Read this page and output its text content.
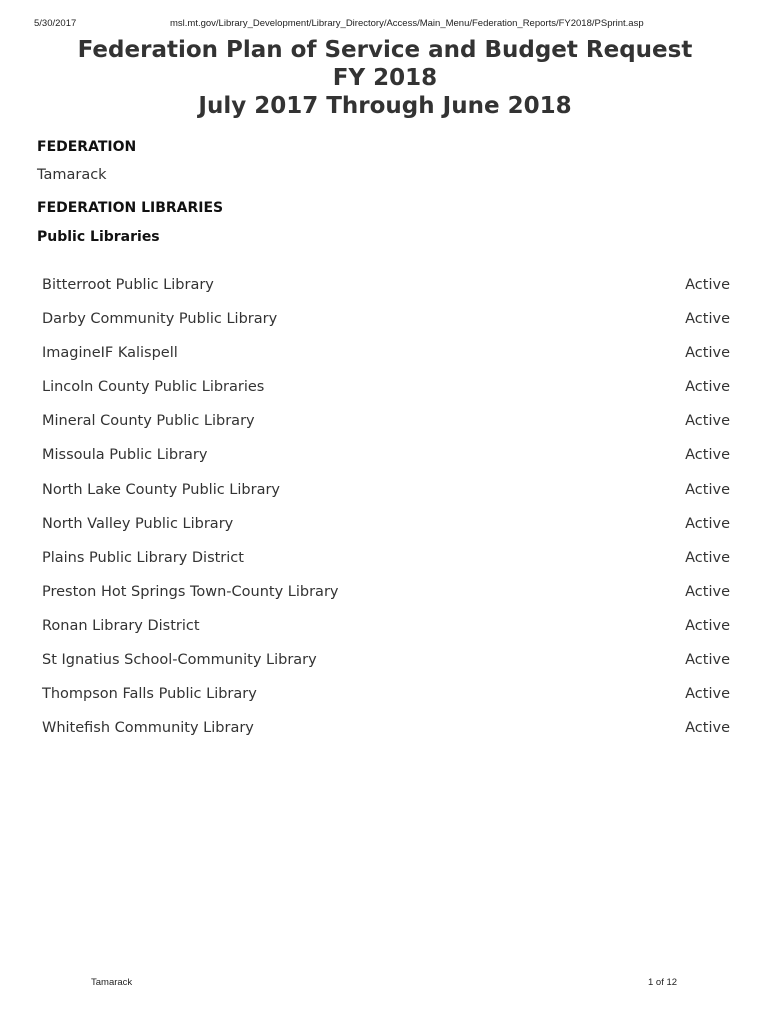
5/30/2017	msl.mt.gov/Library_Development/Library_Directory/Access/Main_Menu/Federation_Reports/FY2018/PSprint.asp
Federation Plan of Service and Budget Request
FY 2018
July 2017 Through June 2018
FEDERATION
Tamarack
FEDERATION LIBRARIES
Public Libraries
Bitterroot Public Library	Active
Darby Community Public Library	Active
ImagineIF Kalispell	Active
Lincoln County Public Libraries	Active
Mineral County Public Library	Active
Missoula Public Library	Active
North Lake County Public Library	Active
North Valley Public Library	Active
Plains Public Library District	Active
Preston Hot Springs Town-County Library	Active
Ronan Library District	Active
St Ignatius School-Community Library	Active
Thompson Falls Public Library	Active
Whitefish Community Library	Active
Tamarack	1 of 12
